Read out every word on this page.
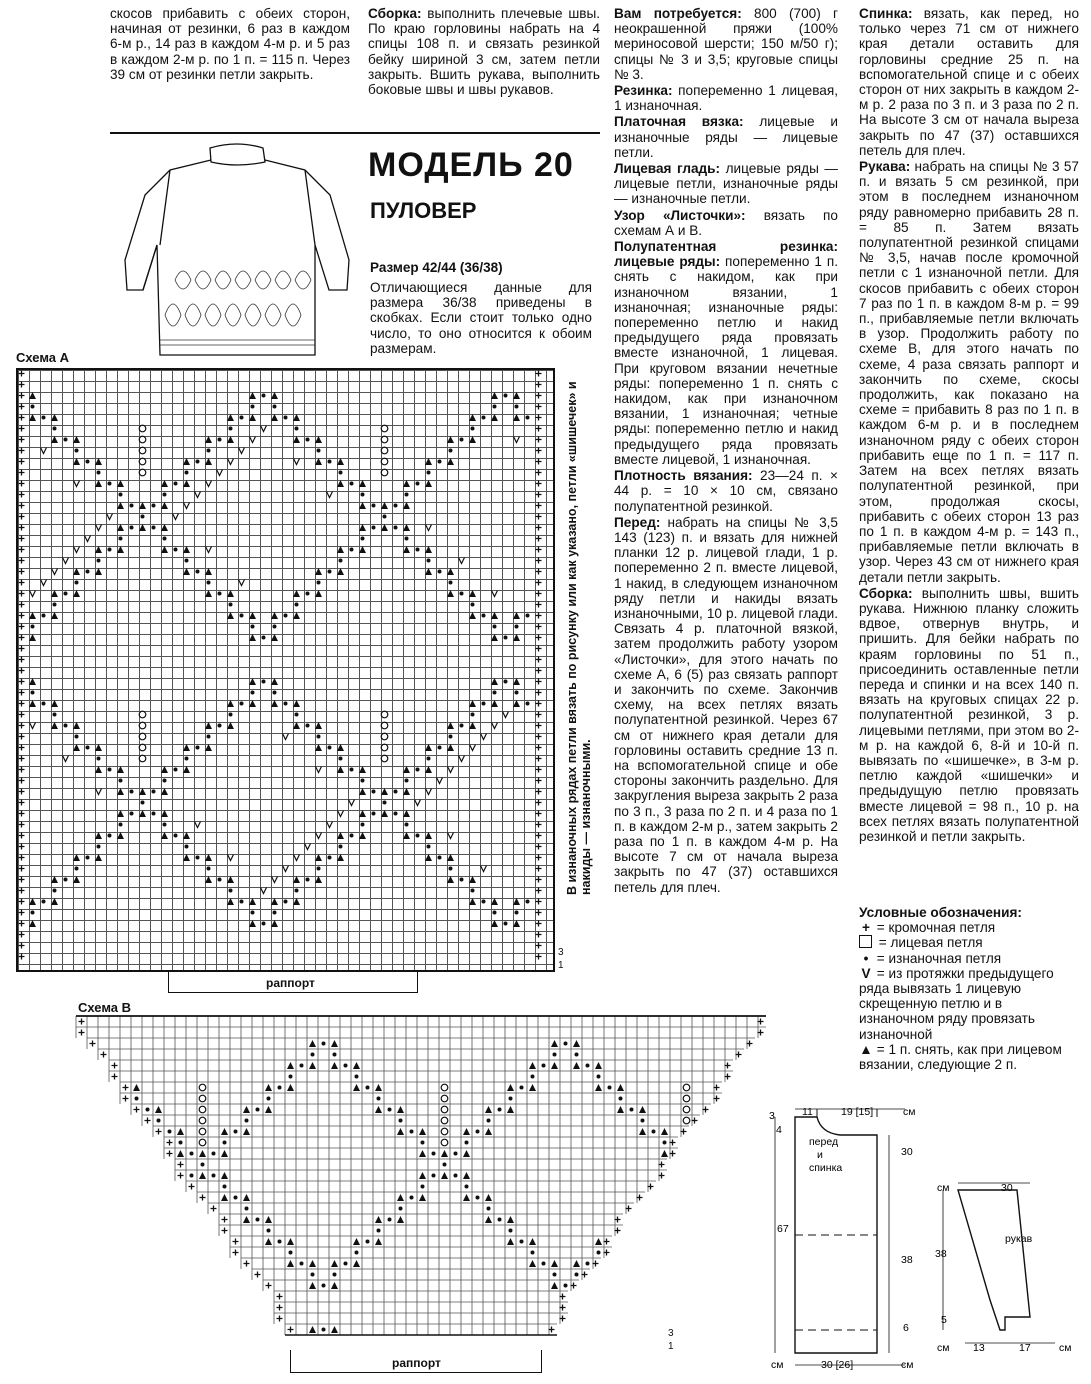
скосов прибавить с обеих сторон, начиная от резинки, 6 раз в каждом 6-м р., 14 раз в каждом 4-м р. и 5 раз в каждом 2-м р. по 1 п. = 115 п. Через 39 см от резинки петли закрыть.

Сборка: выполнить плечевые швы. По краю горловины набрать на 4 спицы 108 п. и связать резинкой бейку шириной 3 см, затем петли закрыть. Вшить рукава, выполнить боковые швы и швы рукавов.

МОДЕЛЬ 20
ПУЛОВЕР
Размер 42/44 (36/38)
Отличающиеся данные для размера 36/38 приведены в скобках. Если стоит только одно число, то оно относится к обоим размерам.

Вам потребуется: 800 (700) г неокрашенной пряжи (100% мериносовой шерсти; 150 м/50 г); спицы № 3 и 3,5; круговые спицы № 3.

Резинка: попеременно 1 лицевая, 1 изнаночная.

Платочная вязка: лицевые и изнаночные ряды — лицевые петли.

Лицевая гладь: лицевые ряды — лицевые петли, изнаночные ряды — изнаночные петли.

Узор «Листочки»: вязать по схемам А и В.

Полупатентная резинка: лицевые ряды: попеременно 1 п. снять с накидом, как при изнаночном вязании, 1 изнаночная; изнаночные ряды: попеременно петлю и накид предыдущего ряда провязать вместе изнаночной, 1 лицевая. При круговом вязании нечетные ряды: попеременно 1 п. снять с накидом, как при изнаночном вязании, 1 изнаночная; четные ряды: попеременно петлю и накид предыдущего ряда провязать вместе лицевой, 1 изнаночная.

Плотность вязания: 23—24 п. × 44 р. = 10 × 10 см, связано полупатентной резинкой.

Перед: набрать на спицы № 3,5 143 (123) п. и вязать для нижней планки 12 р. лицевой глади, 1 р. попеременно 2 п. вместе лицевой, 1 накид, в следующем изнаночном ряду петли и накиды вязать изнаночными, 10 р. лицевой глади. Связать 4 р. платочной вязкой, затем продолжить работу узором «Листочки», для этого начать по схеме А, 6 (5) раз связать раппорт и закончить по схеме. Закончив схему, на всех петлях вязать полупатентной резинкой. Через 67 см от нижнего края детали для горловины оставить средние 13 п. на вспомогательной спице и обе стороны закончить раздельно. Для закругления выреза закрыть 2 раза по 3 п., 3 раза по 2 п. и 4 раза по 1 п. в каждом 2-м р., затем закрыть 2 раза по 1 п. в каждом 4-м р. На высоте 7 см от начала выреза закрыть по 47 (37) оставшихся петель для плеч.

Спинка: вязать, как перед, но только через 71 см от нижнего края детали оставить для горловины средние 25 п. на вспомогательной спице и с обеих сторон от них закрыть в каждом 2-м р. 2 раза по 3 п. и 3 раза по 2 п. На высоте 3 см от начала выреза закрыть по 47 (37) оставшихся петель для плеч.

Рукава: набрать на спицы № 3 57 п. и вязать 5 см резинкой, при этом в последнем изнаночном ряду равномерно прибавить 28 п. = 85 п. Затем вязать полупатентной резинкой спицами № 3,5, начав после кромочной петли с 1 изнаночной петли. Для скосов прибавить с обеих сторон 7 раз по 1 п. в каждом 8-м р. = 99 п., прибавляемые петли включать в узор. Продолжить работу по схеме В, для этого начать по схеме, 4 раза связать раппорт и закончить по схеме, скосы продолжить, как показано на схеме = прибавить 8 раз по 1 п. в каждом 6-м р. и в последнем изнаночном ряду с обеих сторон прибавить еще по 1 п. = 117 п. Затем на всех петлях вязать полупатентной резинкой, при этом, продолжая скосы, прибавить с обеих сторон 13 раз по 1 п. в каждом 4-м р. = 143 п., прибавляемые петли включать в узор. Через 43 см от нижнего края детали петли закрыть.

Сборка: выполнить швы, вшить рукава. Нижнюю планку сложить вдвое, отвернув внутрь, и пришить. Для бейки набрать по краям горловины по 51 п., присоединить оставленные петли переда и спинки и на всех 140 п. вязать на круговых спицах 22 р. полупатентной резинкой, 3 р. лицевыми петлями, при этом во 2-м р. на каждой 6, 8-й и 10-й п. вывязать по «шишечке», в 3-м р. петлю каждой «шишечки» и предыдущую петлю провязать вместе лицевой = 98 п., 10 р. на всех петлях вязать полупатентной резинкой и петли закрыть.

Условные обозначения:
+ = кромочная петля
= лицевая петля
• = изнаночная петля
V = из протяжки предыдущего ряда вывязать 1 лицевую скрещенную петлю и в изнаночном ряду провязать изнаночной
▲ = 1 п. снять, как при лицевом вязании, следующие 2 п.
Схема А
3
1
раппорт
В изнаночных рядах петли вязать по рисунку или как указано, петли «шишечек» и накиды — изнаночными.
Схема В
3
1
раппорт
перед
и
спинка
рукав
11	19 [15]	см
3
4
30
67
38
6
см	30 [26]	см
см	30
38
5
см 13	17	см
